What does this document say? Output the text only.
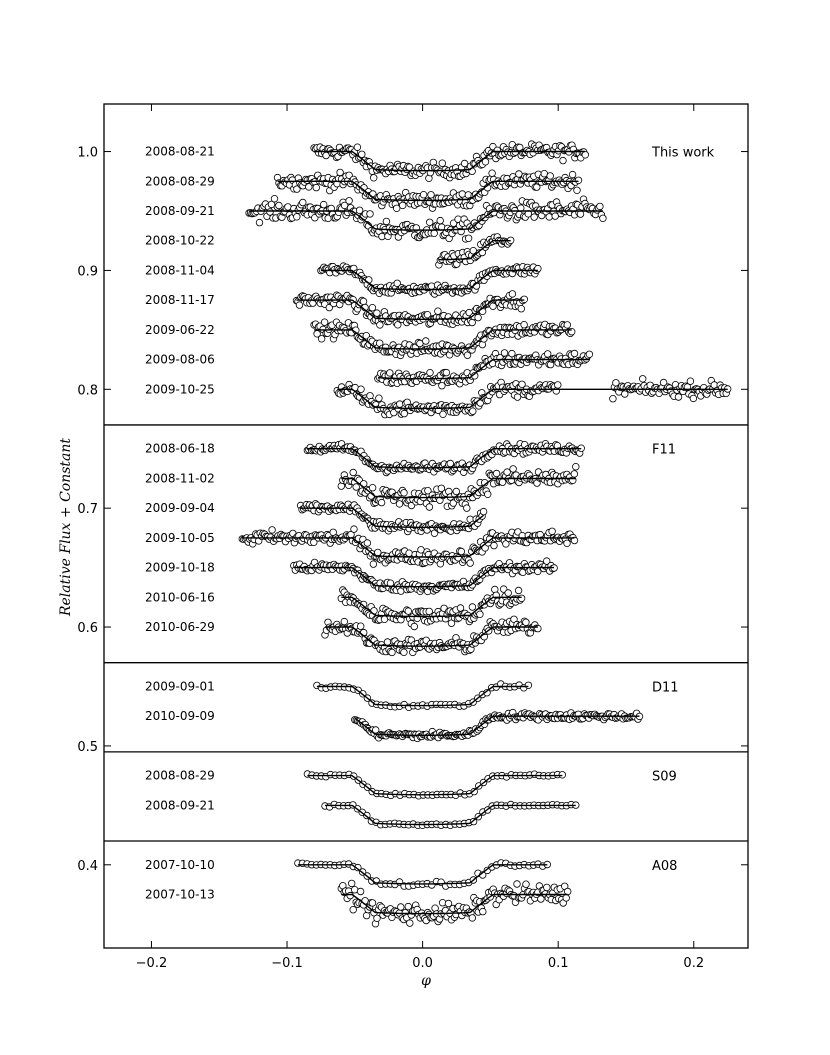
2008-08-21
2008-08-29
2008-09-21
2008-10-22
2008-11-04
2008-11-17
2009-06-22
2009-08-06
2009-10-25
This work
2008-06-18
2008-11-02
2009-09-04
2009-10-05
2009-10-18
2010-06-16
2010-06-29
F11
2009-09-01
2010-09-09
D11
2008-08-29
2008-09-21
S09
2007-10-10
2007-10-13
A08
−0.2	−0.1	0.0	0.1	0.2
0.4
0.5
0.6
0.7
0.8
0.9
1.0
φ
Relative Flux + Constant
